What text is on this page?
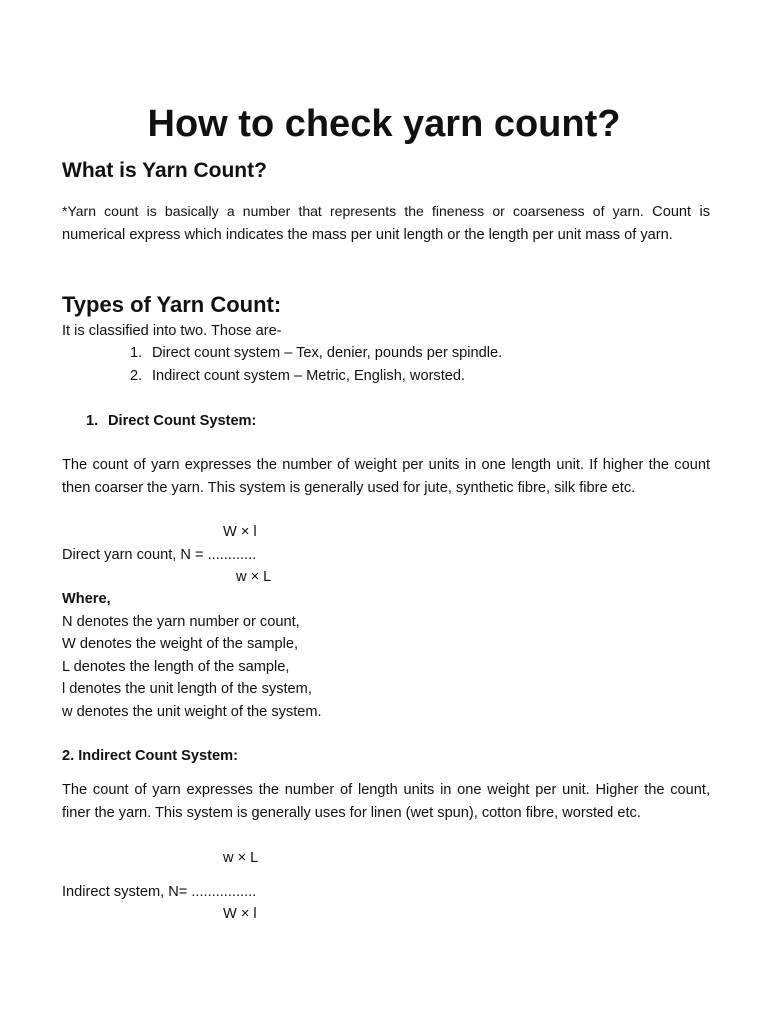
How to check yarn count?
What is Yarn Count?

*Yarn count is basically a number that represents the fineness or coarseness of yarn. Count is numerical express which indicates the mass per unit length or the length per unit mass of yarn.

Types of Yarn Count:
It is classified into two. Those are-
1. Direct count system – Tex, denier, pounds per spindle.
2. Indirect count system – Metric, English, worsted.
1. Direct Count System:

The count of yarn expresses the number of weight per units in one length unit. If higher the count then coarser the yarn. This system is generally used for jute, synthetic fibre, silk fibre etc.

W × l
Direct yarn count, N = ............
w × L
Where,
N denotes the yarn number or count,
W denotes the weight of the sample,
L denotes the length of the sample,
l denotes the unit length of the system,
w denotes the unit weight of the system.
2. Indirect Count System:

The count of yarn expresses the number of length units in one weight per unit. Higher the count, finer the yarn. This system is generally uses for linen (wet spun), cotton fibre, worsted etc.

w × L
Indirect system, N= ................
W × l
